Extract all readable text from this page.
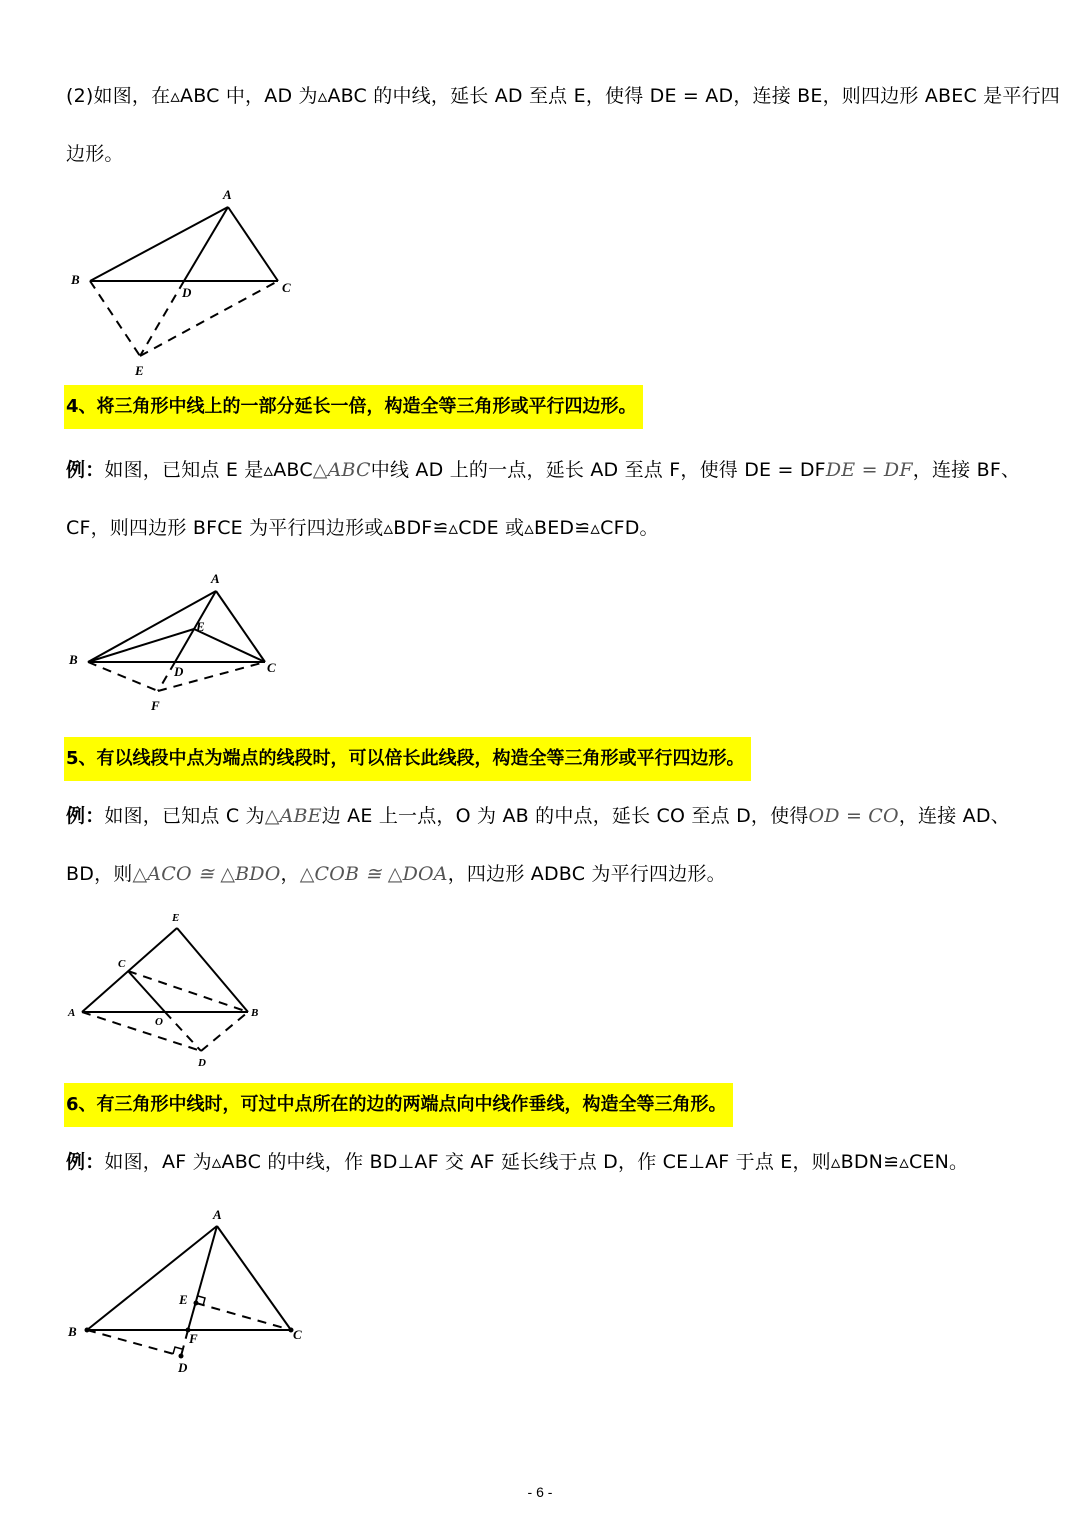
(2)如图，在▵ABC 中，AD 为▵ABC 的中线，延长 AD 至点 E，使得 DE = AD，连接 BE，则四边形 ABEC 是平行四
边形。
A
B
C
D
E
4、将三角形中线上的一部分延长一倍，构造全等三角形或平行四边形。
例：如图，已知点 E 是▵ABC△ABC中线 AD 上的一点，延长 AD 至点 F，使得 DE = DFDE = DF，连接 BF、
CF，则四边形 BFCE 为平行四边形或▵BDF≌▵CDE 或▵BED≌▵CFD。
A
B
C
D
E
F
5、有以线段中点为端点的线段时，可以倍长此线段，构造全等三角形或平行四边形。
例：如图，已知点 C 为△ABE边 AE 上一点，O 为 AB 的中点，延长 CO 至点 D，使得OD = CO，连接 AD、
BD，则△ACO ≅ △BDO，△COB ≅ △DOA，四边形 ADBC 为平行四边形。
A	B
C
D
E
O
6、有三角形中线时，可过中点所在的边的两端点向中线作垂线，构造全等三角形。
例：如图，AF 为▵ABC 的中线，作 BD⊥AF 交 AF 延长线于点 D，作 CE⊥AF 于点 E，则▵BDN≌▵CEN。
A
B	C
D
E
F
- 6 -
